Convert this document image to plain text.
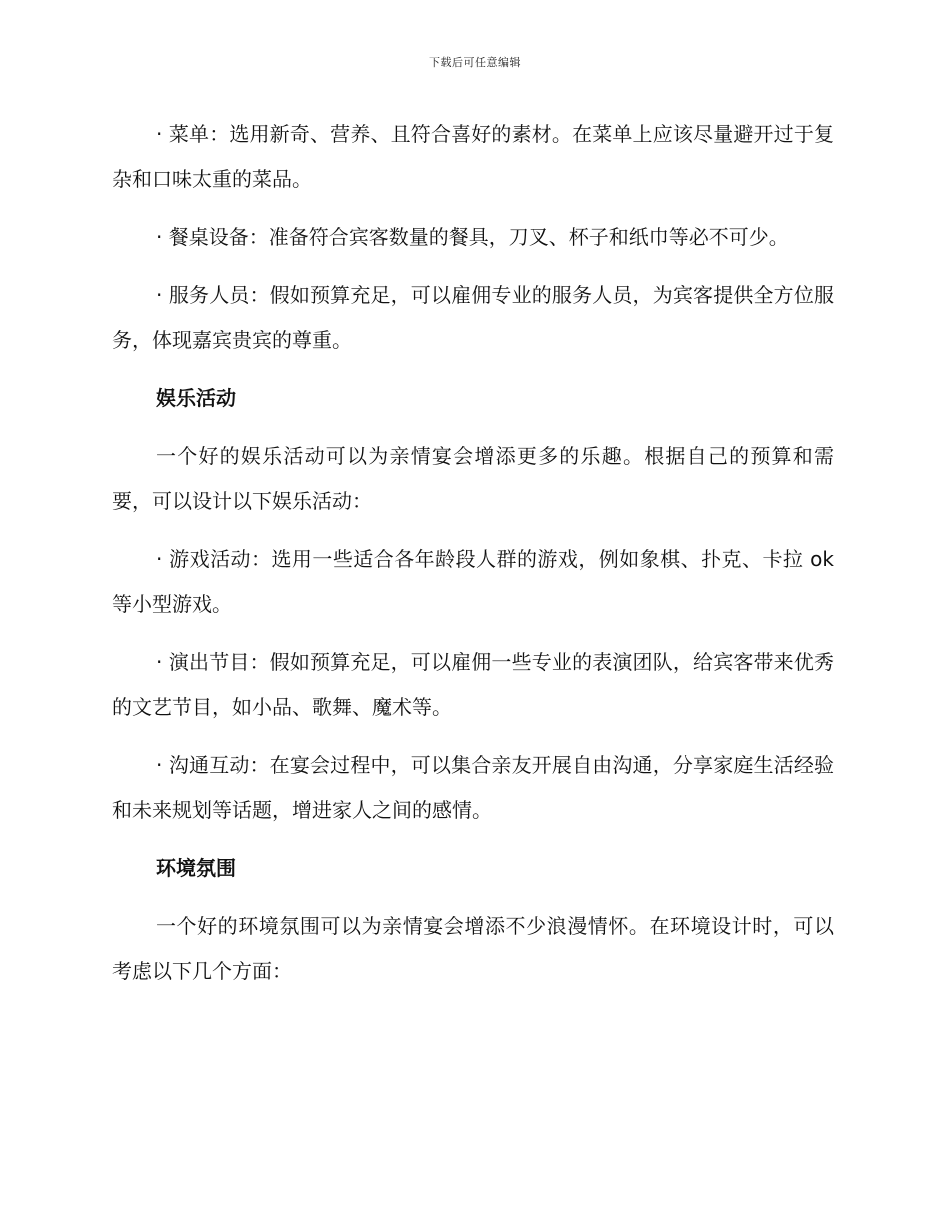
下载后可任意编辑

· 菜单：选用新奇、营养、且符合喜好的素材。在菜单上应该尽量避开过于复杂和口味太重的菜品。

· 餐桌设备：准备符合宾客数量的餐具，刀叉、杯子和纸巾等必不可少。

· 服务人员：假如预算充足，可以雇佣专业的服务人员，为宾客提供全方位服务，体现嘉宾贵宾的尊重。

娱乐活动

一个好的娱乐活动可以为亲情宴会增添更多的乐趣。根据自己的预算和需要，可以设计以下娱乐活动：

· 游戏活动：选用一些适合各年龄段人群的游戏，例如象棋、扑克、卡拉 ok 等小型游戏。

· 演出节目：假如预算充足，可以雇佣一些专业的表演团队，给宾客带来优秀的文艺节目，如小品、歌舞、魔术等。

· 沟通互动：在宴会过程中，可以集合亲友开展自由沟通，分享家庭生活经验和未来规划等话题，增进家人之间的感情。

环境氛围

一个好的环境氛围可以为亲情宴会增添不少浪漫情怀。在环境设计时，可以考虑以下几个方面：
